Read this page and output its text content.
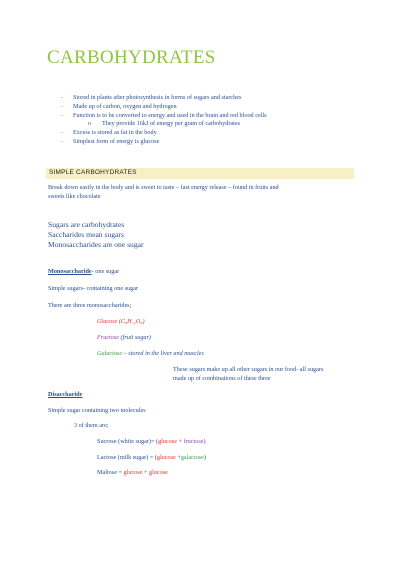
CARBOHYDRATES
- Stored in plants after photosynthesis in forms of sugars and starches
- Made up of carbon, oxygen and hydrogen
- Function is to be converted to energy and used in the brain and red blood cells
o They provide 16kJ of energy per gram of carbohydrates
- Excess is stored as fat in the body
- Simplest form of energy is glucose
SIMPLE CARBOHYDRATES
Break down easily in the body and is sweet to taste – fast energy release – found in fruits and
sweets like chocolate
Sugars are carbohydrates
Saccharides mean sugars
Monosaccharides are one sugar
Monosaccharide- one sugar
Simple sugars- containing one sugar
There are three monosaccharides;
Glucose (C₆H₁₂O₆)
Fructose (fruit sugar)
Galactose – stored in the liver and muscles
These sugars make up all other sugars in our food- all sugars
made up of combinations of these three
Disaccharide
Simple sugar containing two molecules
3 of them are;
Sucrose (white sugar)= (glucose + fructose)
Lactose (milk sugar) = (glucose +galactose)
Maltose = glucose + glucose
